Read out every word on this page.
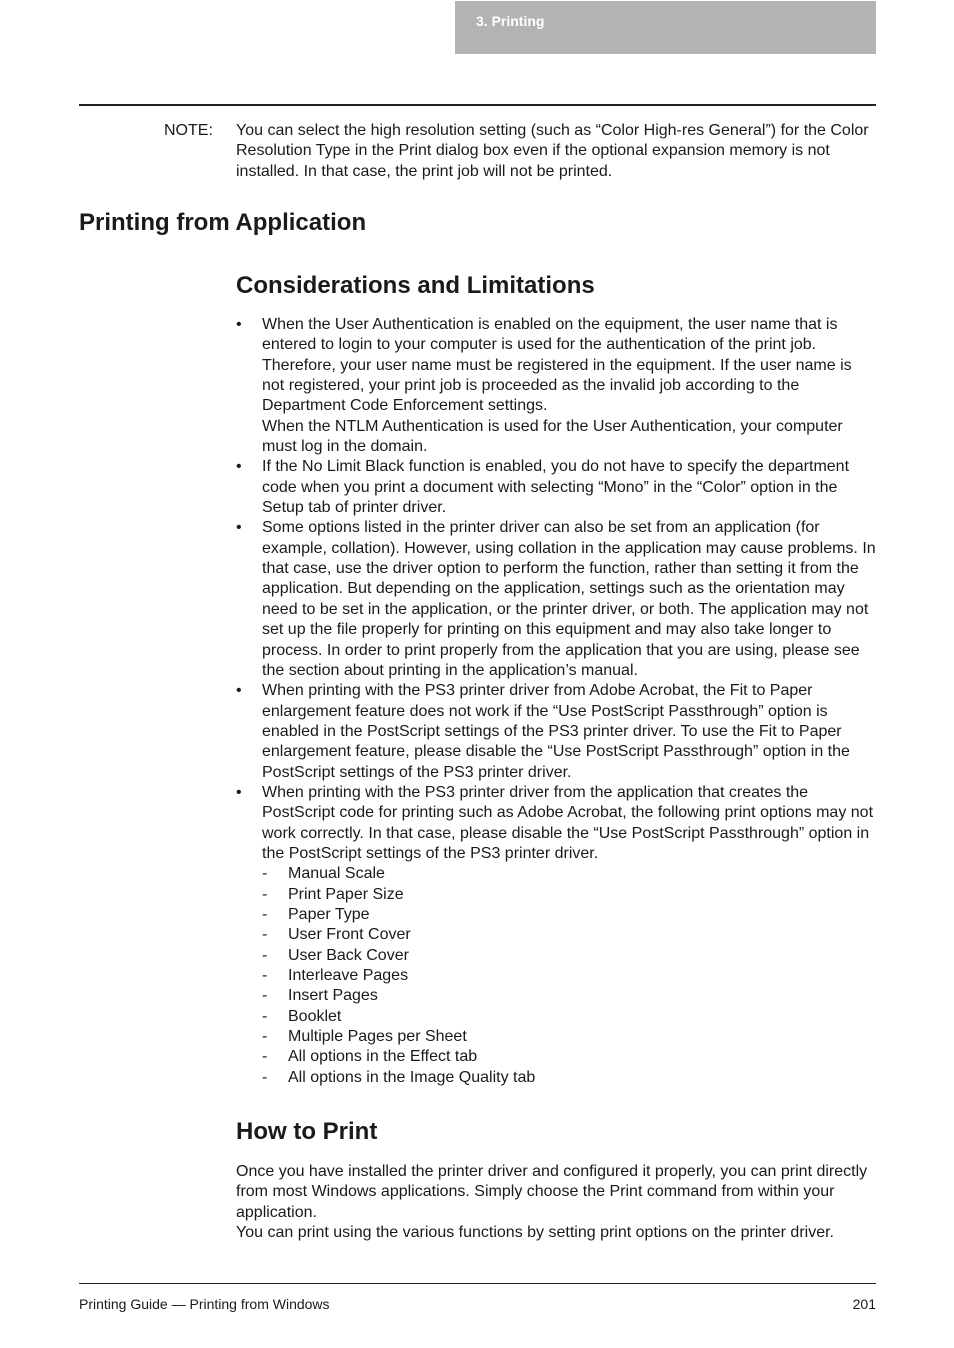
3. Printing
NOTE: You can select the high resolution setting (such as “Color High-res General”) for the Color Resolution Type in the Print dialog box even if the optional expansion memory is not installed. In that case, the print job will not be printed.
Printing from Application
Considerations and Limitations
• When the User Authentication is enabled on the equipment, the user name that is entered to login to your computer is used for the authentication of the print job. Therefore, your user name must be registered in the equipment. If the user name is not registered, your print job is proceeded as the invalid job according to the Department Code Enforcement settings.
When the NTLM Authentication is used for the User Authentication, your computer must log in the domain.
• If the No Limit Black function is enabled, you do not have to specify the department code when you print a document with selecting “Mono” in the “Color” option in the Setup tab of printer driver.
• Some options listed in the printer driver can also be set from an application (for example, collation). However, using collation in the application may cause problems. In that case, use the driver option to perform the function, rather than setting it from the application. But depending on the application, settings such as the orientation may need to be set in the application, or the printer driver, or both. The application may not set up the file properly for printing on this equipment and may also take longer to process. In order to print properly from the application that you are using, please see the section about printing in the application’s manual.
• When printing with the PS3 printer driver from Adobe Acrobat, the Fit to Paper enlargement feature does not work if the “Use PostScript Passthrough” option is enabled in the PostScript settings of the PS3 printer driver. To use the Fit to Paper enlargement feature, please disable the “Use PostScript Passthrough” option in the PostScript settings of the PS3 printer driver.
• When printing with the PS3 printer driver from the application that creates the PostScript code for printing such as Adobe Acrobat, the following print options may not work correctly. In that case, please disable the “Use PostScript Passthrough” option in the PostScript settings of the PS3 printer driver.
- Manual Scale
- Print Paper Size
- Paper Type
- User Front Cover
- User Back Cover
- Interleave Pages
- Insert Pages
- Booklet
- Multiple Pages per Sheet
- All options in the Effect tab
- All options in the Image Quality tab
How to Print

Once you have installed the printer driver and configured it properly, you can print directly from most Windows applications. Simply choose the Print command from within your application.

You can print using the various functions by setting print options on the printer driver.

Printing Guide — Printing from Windows	201
